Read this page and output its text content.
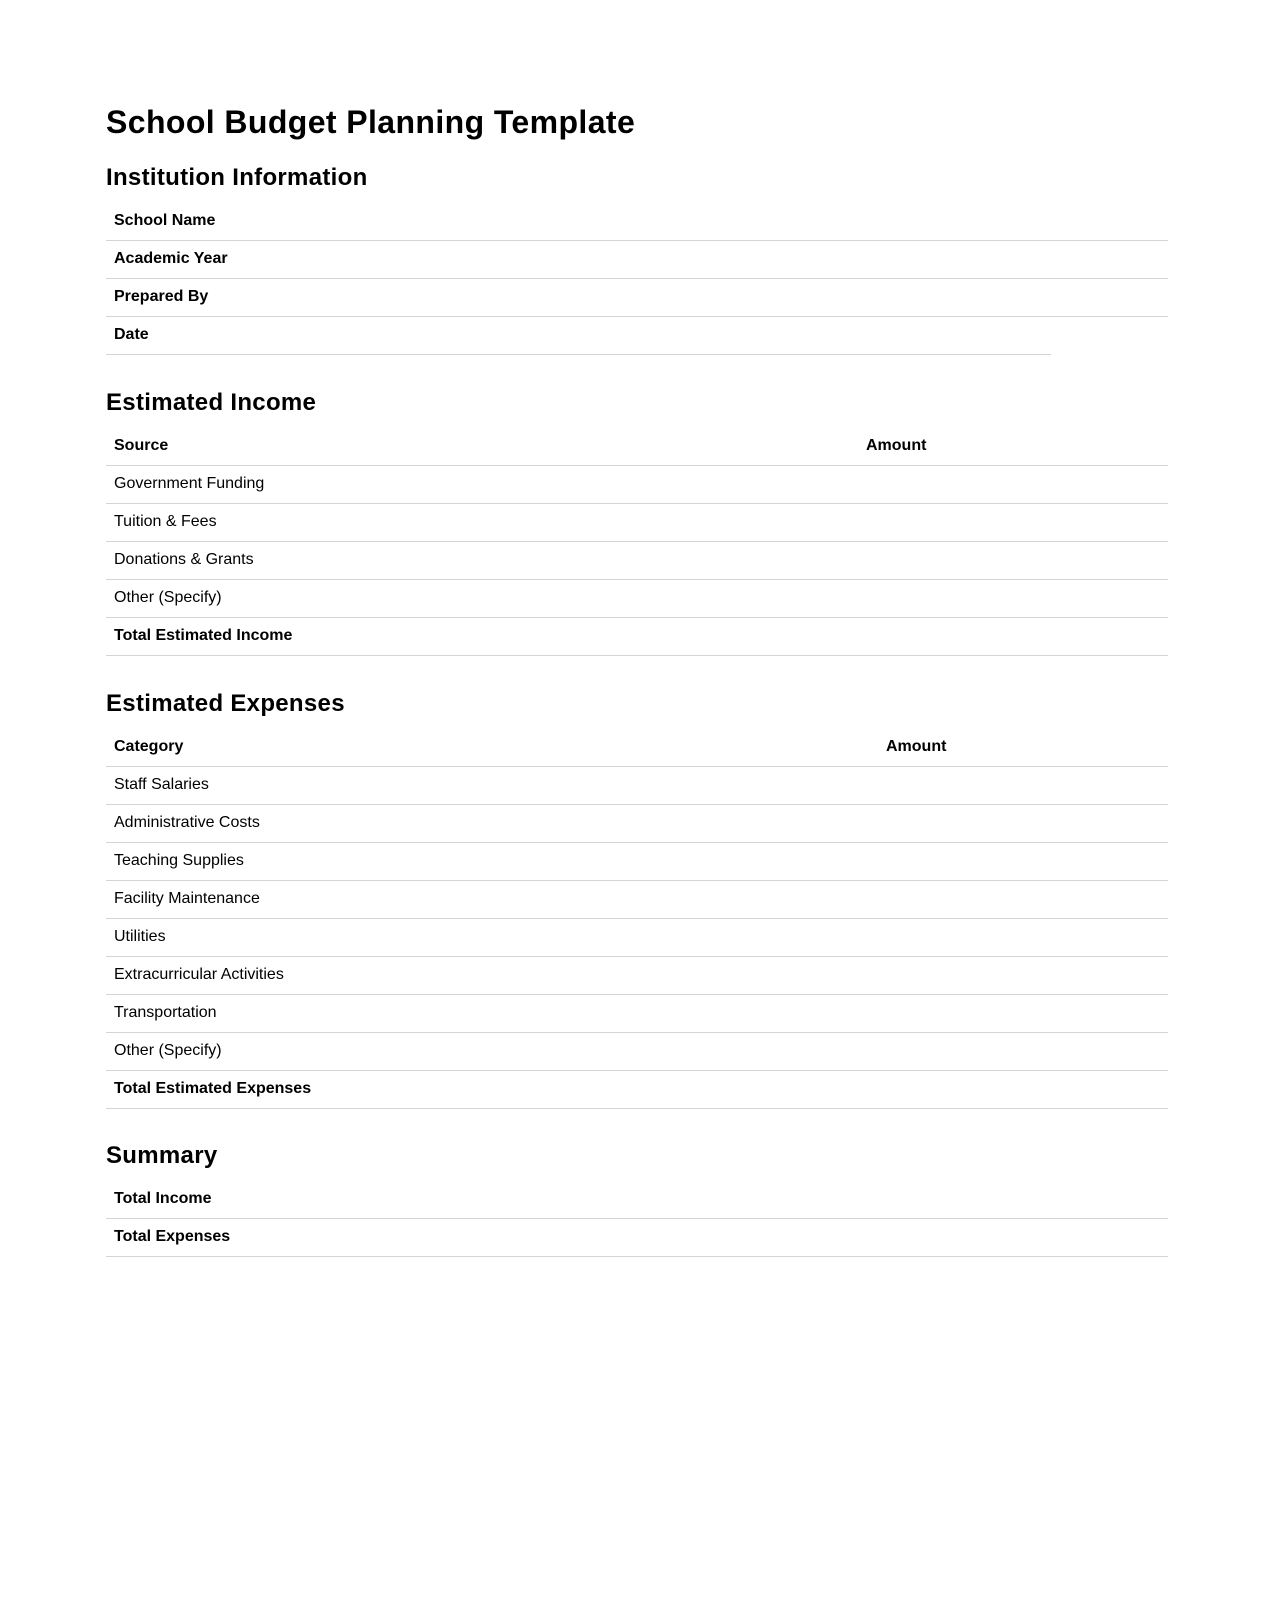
School Budget Planning Template
Institution Information
School Name
Academic Year
Prepared By
Date
Estimated Income
Source	Amount
Government Funding	
Tuition & Fees	
Donations & Grants	
Other (Specify)	
Total Estimated Income	
Estimated Expenses
Category	Amount
Staff Salaries	
Administrative Costs	
Teaching Supplies	
Facility Maintenance	
Utilities	
Extracurricular Activities	
Transportation	
Other (Specify)	
Total Estimated Expenses	
Summary
Total Income
Total Expenses
